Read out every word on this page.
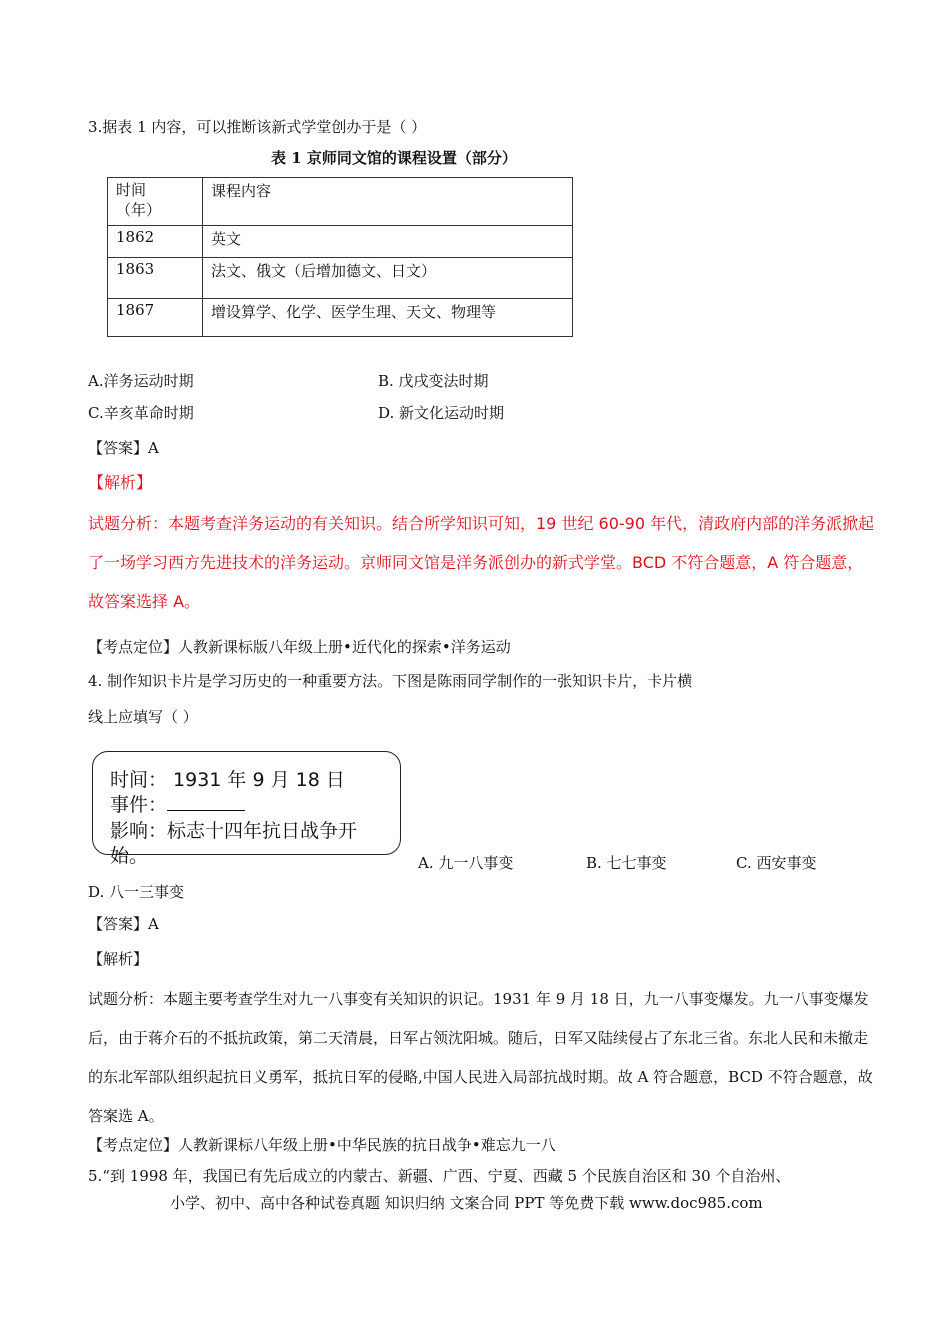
3.据表 1 内容，可以推断该新式学堂创办于是（ ）
表 1 京师同文馆的课程设置（部分）
时间
（年）	课程内容
1862	英文
1863	法文、俄文（后增加德文、日文）
1867	增设算学、化学、医学生理、天文、物理等
A.洋务运动时期	B. 戊戌变法时期
C.辛亥革命时期	D. 新文化运动时期
【答案】A
【解析】
试题分析：本题考查洋务运动的有关知识。结合所学知识可知，19 世纪 60-90 年代，清政府内部的洋务派掀起了一场学习西方先进技术的洋务运动。京师同文馆是洋务派创办的新式学堂。BCD 不符合题意，A 符合题意，故答案选择 A。
【考点定位】人教新课标版八年级上册•近代化的探索•洋务运动
4. 制作知识卡片是学习历史的一种重要方法。下图是陈雨同学制作的一张知识卡片，卡片横
线上应填写（ ）
时间： 1931 年 9 月 18 日
事件：
影响：标志十四年抗日战争开
始。	A. 九一八事变	B. 七七事变	C. 西安事变
D. 八一三事变
【答案】A
【解析】
试题分析：本题主要考查学生对九一八事变有关知识的识记。1931 年 9 月 18 日，九一八事变爆发。九一八事变爆发后，由于蒋介石的不抵抗政策，第二天清晨，日军占领沈阳城。随后，日军又陆续侵占了东北三省。东北人民和未撤走的东北军部队组织起抗日义勇军，抵抗日军的侵略,中国人民进入局部抗战时期。故 A 符合题意，BCD 不符合题意，故答案选 A。
【考点定位】人教新课标八年级上册•中华民族的抗日战争•难忘九一八
5.“到 1998 年，我国已有先后成立的内蒙古、新疆、广西、宁夏、西藏 5 个民族自治区和 30 个自治州、
小学、初中、高中各种试卷真题 知识归纳 文案合同 PPT 等免费下载 www.doc985.com
